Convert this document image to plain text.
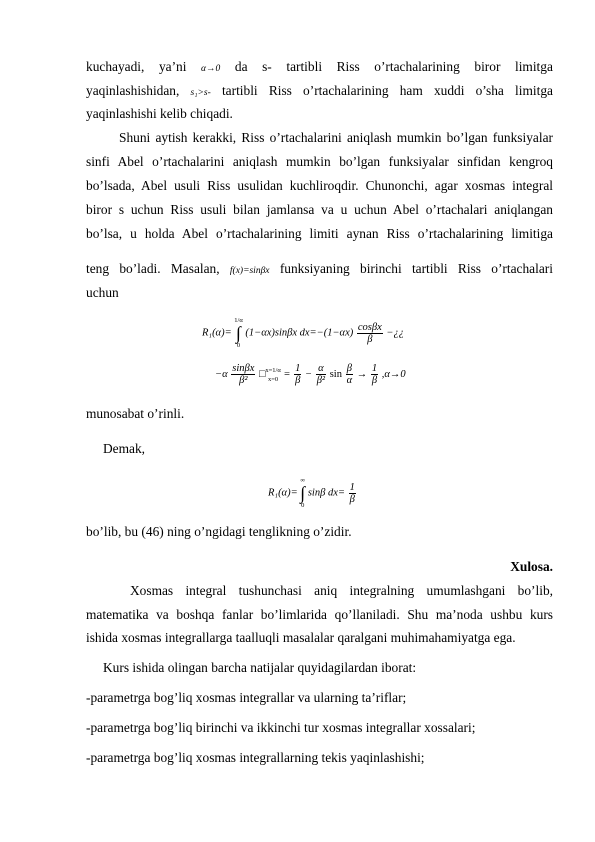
kuchayadi, ya’ni α→0 da s- tartibli Riss o’rtachalarining biror limitga
yaqinlashishidan, s₁>s- tartibli Riss o’rtachalarining ham xuddi o’sha limitga
yaqinlashishi kelib chiqadi.
Shuni aytish kerakki, Riss o’rtachalarini aniqlash mumkin bo’lgan funksiyalar
sinfi Abel o’rtachalarini aniqlash mumkin bo’lgan funksiyalar sinfidan kengroq
bo’lsada, Abel usuli Riss usulidan kuchliroqdir. Chunonchi, agar xosmas integral
biror s uchun Riss usuli bilan jamlansa va u uchun Abel o’rtachalari aniqlangan
bo’lsa, u holda Abel o’rtachalarining limiti aynan Riss o’rtachalarining limitiga
teng bo’ladi. Masalan, f(x)=sinβx funksiyaning birinchi tartibli Riss o’rtachalari
uchun
R₁(α)=
1/α
∫
0
(1−αx)sinβx $dx=-(1-\alpha x) \frac{\cos\beta x}{\beta}$ −¿¿
$-\alpha \frac{\sin\beta x}{\text{β²}}$ □ x=1/α
$x=0 = \frac{1}{\beta} - \frac{\alpha}{\text{β²}}$ $\sin \frac{\beta}{\alpha} \to \frac{1}{\beta} ,\alpha\to 0$
munosabat o’rinli.
Demak,
R₁(α)=
∞
∫
0
sinβ $dx= \frac{1}{\beta}$
bo’lib, bu (46) ning o’ngidagi tenglikning o’zidir.
Xulosa.
Xosmas integral tushunchasi aniq integralning umumlashgani bo’lib,
matematika va boshqa fanlar bo’limlarida qo’llaniladi. Shu ma’noda ushbu kurs
ishida xosmas integrallarga taalluqli masalalar qaralgani muhimahamiyatga ega.
Kurs ishida olingan barcha natijalar quyidagilardan iborat:
-parametrga bog’liq xosmas integrallar va ularning ta’riflar;
-parametrga bog’liq birinchi va ikkinchi tur xosmas integrallar xossalari;
-parametrga bog’liq xosmas integrallarning tekis yaqinlashishi;
